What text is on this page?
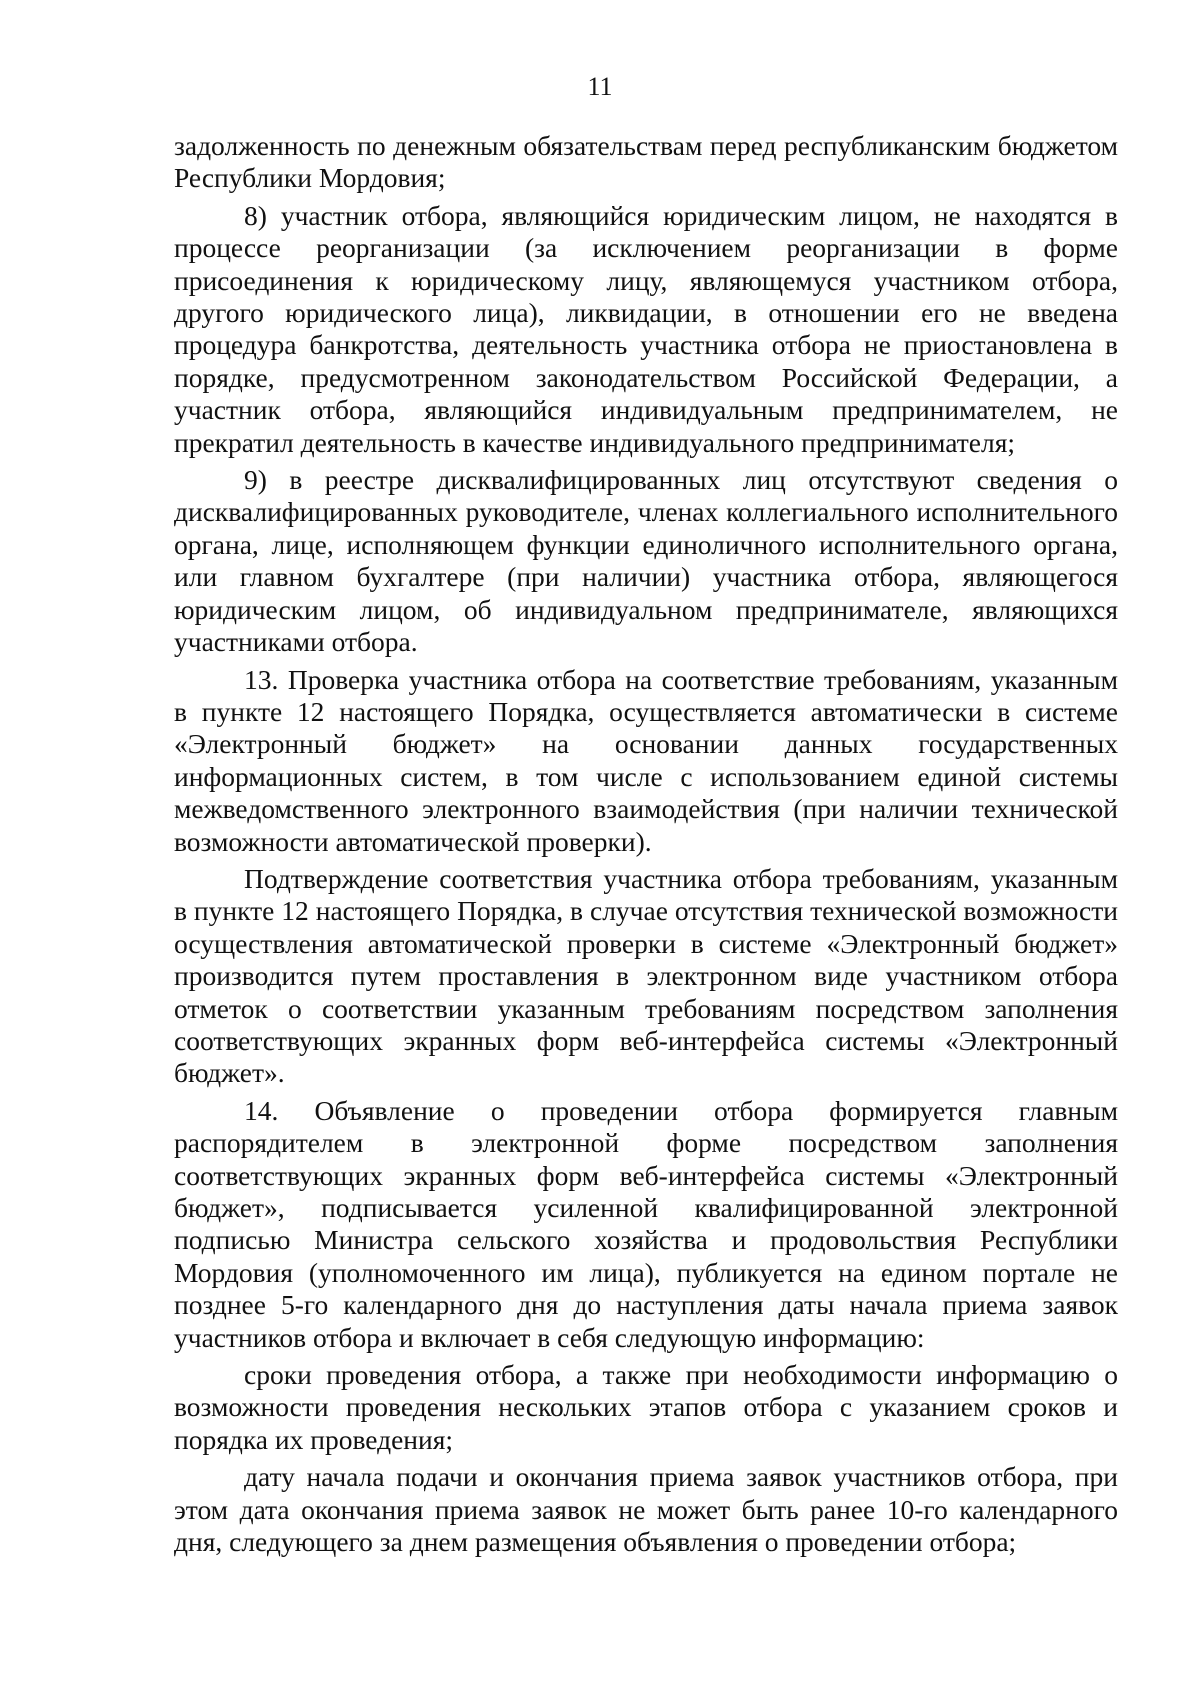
11

задолженность по денежным обязательствам перед республиканским бюджетом Республики Мордовия;

8) участник отбора, являющийся юридическим лицом, не находятся в процессе реорганизации (за исключением реорганизации в форме присоединения к юридическому лицу, являющемуся участником отбора, другого юридического лица), ликвидации, в отношении его не введена процедура банкротства, деятельность участника отбора не приостановлена в порядке, предусмотренном законодательством Российской Федерации, а участник отбора, являющийся индивидуальным предпринимателем, не прекратил деятельность в качестве индивидуального предпринимателя;

9) в реестре дисквалифицированных лиц отсутствуют сведения о дисквалифицированных руководителе, членах коллегиального исполнительного органа, лице, исполняющем функции единоличного исполнительного органа, или главном бухгалтере (при наличии) участника отбора, являющегося юридическим лицом, об индивидуальном предпринимателе, являющихся участниками отбора.

13. Проверка участника отбора на соответствие требованиям, указанным в пункте 12 настоящего Порядка, осуществляется автоматически в системе «Электронный бюджет» на основании данных государственных информационных систем, в том числе с использованием единой системы межведомственного электронного взаимодействия (при наличии технической возможности автоматической проверки).

Подтверждение соответствия участника отбора требованиям, указанным в пункте 12 настоящего Порядка, в случае отсутствия технической возможности осуществления автоматической проверки в системе «Электронный бюджет» производится путем проставления в электронном виде участником отбора отметок о соответствии указанным требованиям посредством заполнения соответствующих экранных форм веб-интерфейса системы «Электронный бюджет».

14. Объявление о проведении отбора формируется главным распорядителем в электронной форме посредством заполнения соответствующих экранных форм веб-интерфейса системы «Электронный бюджет», подписывается усиленной квалифицированной электронной подписью Министра сельского хозяйства и продовольствия Республики Мордовия (уполномоченного им лица), публикуется на едином портале не позднее 5-го календарного дня до наступления даты начала приема заявок участников отбора и включает в себя следующую информацию:

сроки проведения отбора, а также при необходимости информацию о возможности проведения нескольких этапов отбора с указанием сроков и порядка их проведения;

дату начала подачи и окончания приема заявок участников отбора, при этом дата окончания приема заявок не может быть ранее 10-го календарного дня, следующего за днем размещения объявления о проведении отбора;
